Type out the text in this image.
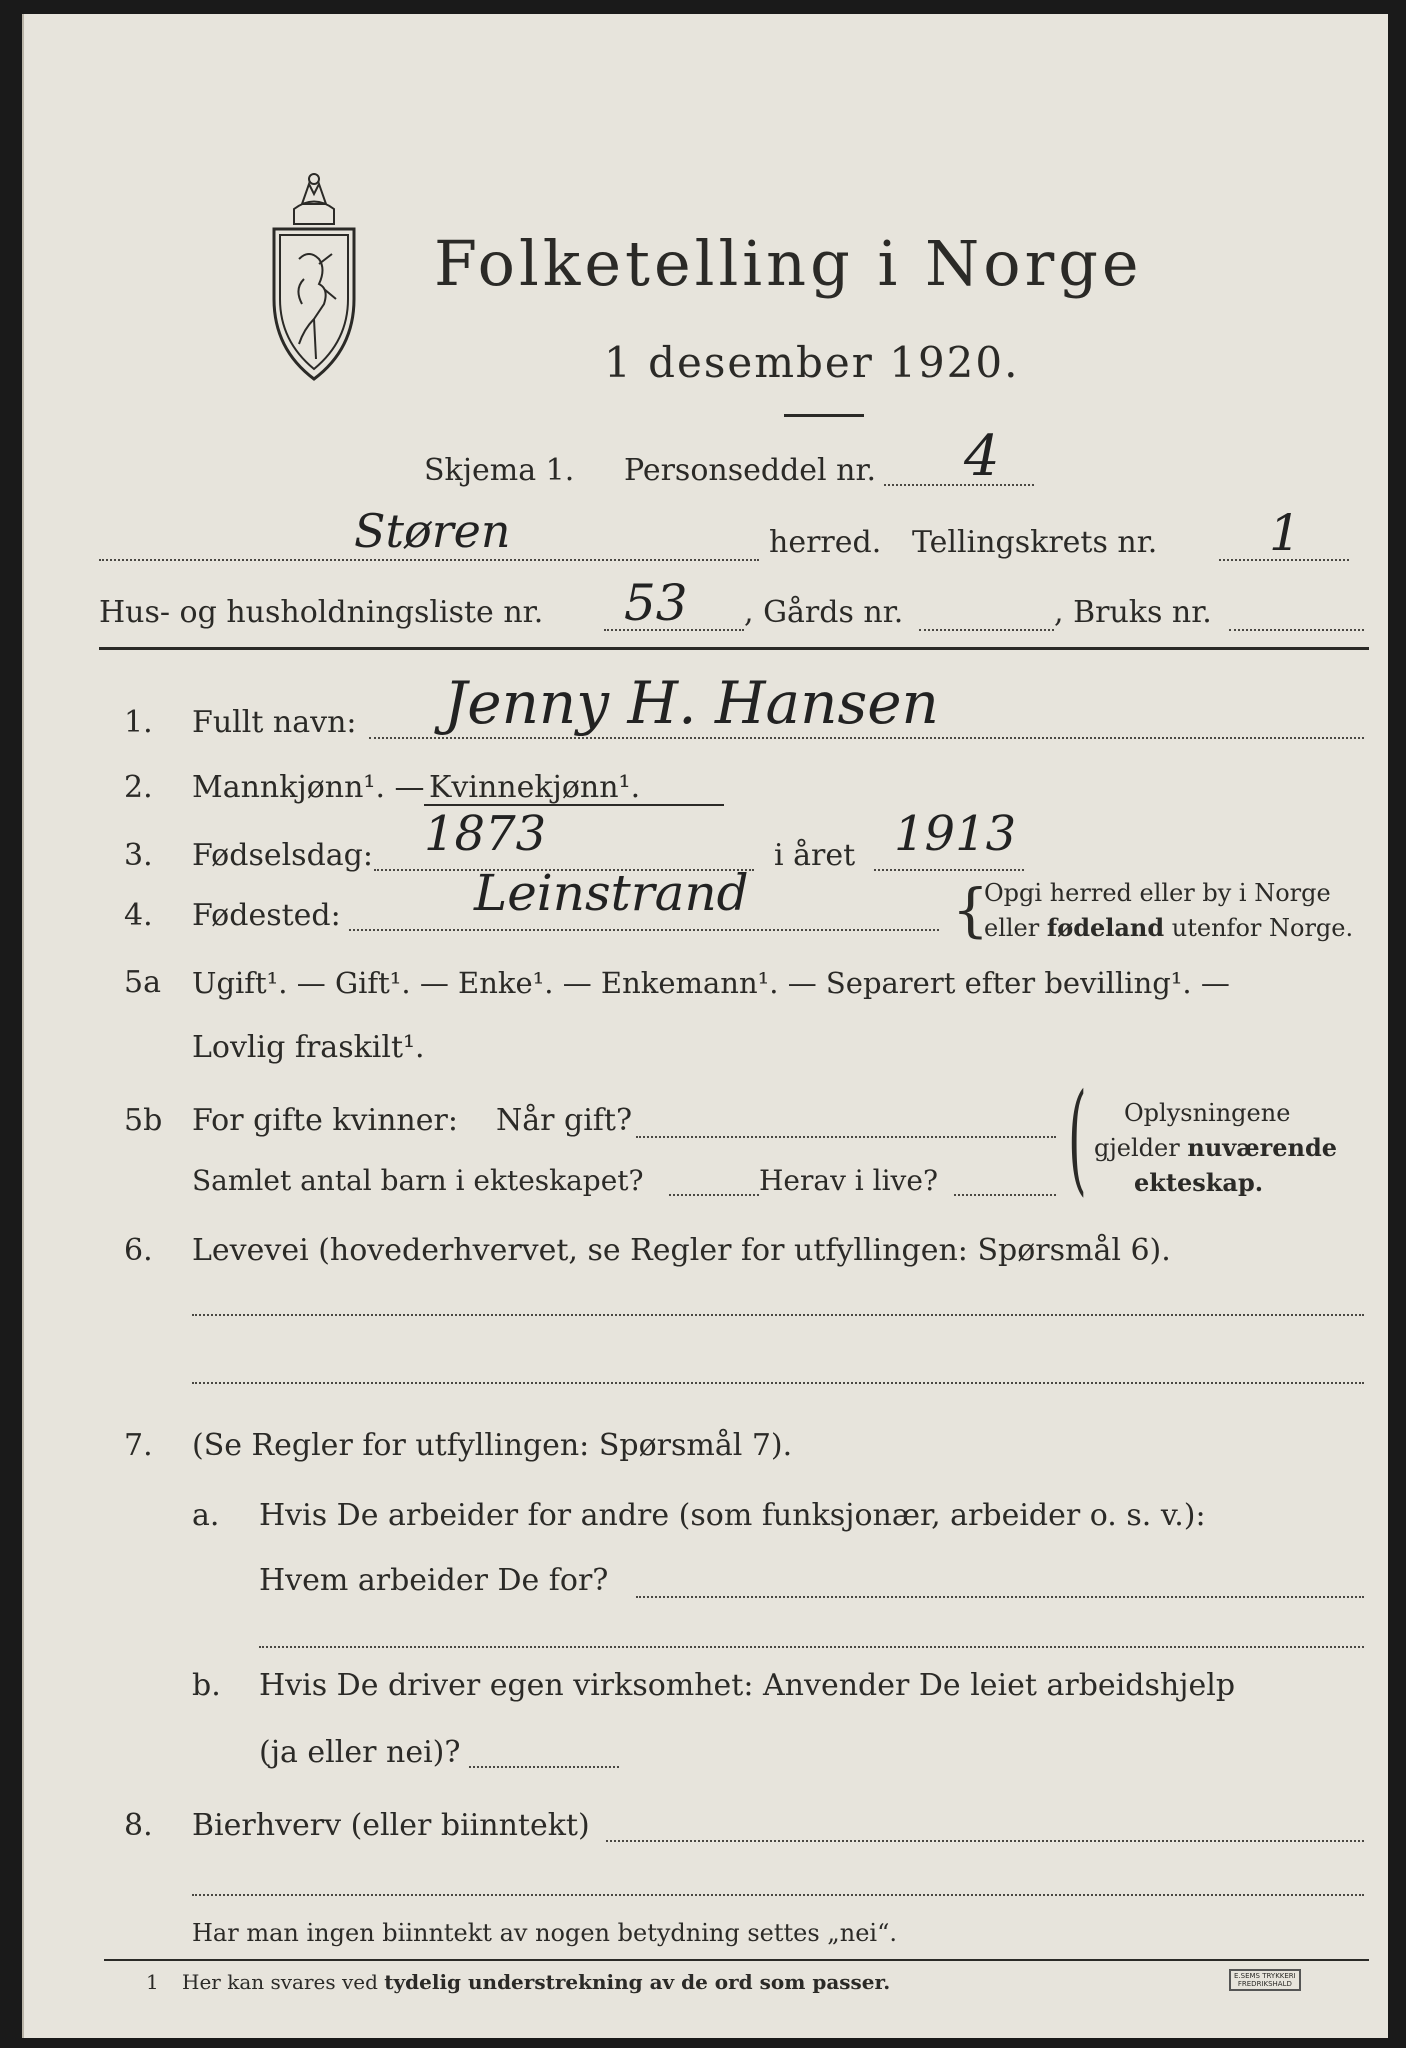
Folketelling i Norge
1 desember 1920.
Skjema 1. Personseddel nr. 4
Støren	herred. Tellingskrets nr. 1
Hus- og husholdningsliste nr. 53 , Gårds nr.	, Bruks nr.
1. Fullt navn: Jenny H. Hansen
2. Mannkjønn¹. — Kvinnekjønn¹.
3. Fødselsdag: 1873	i året 1913
4. Fødested:	Leinstrand	{
Opgi herred eller by i Norge
eller fødeland utenfor Norge.
5a Ugift¹. — Gift¹. — Enke¹. — Enkemann¹. — Separert efter bevilling¹. —
Lovlig fraskilt¹.
5b For gifte kvinner: Når gift?
Samlet antal barn i ekteskapet?	Herav i live? ( Oplysningene
gjelder nuværende
ekteskap.
6. Levevei (hovederhvervet, se Regler for utfyllingen: Spørsmål 6).
7. (Se Regler for utfyllingen: Spørsmål 7).
a. Hvis De arbeider for andre (som funksjonær, arbeider o. s. v.):
Hvem arbeider De for?
b. Hvis De driver egen virksomhet: Anvender De leiet arbeidshjelp
(ja eller nei)?
8. Bierhverv (eller biinntekt)
Har man ingen biinntekt av nogen betydning settes „nei“.
1 Her kan svares ved tydelig understrekning av de ord som passer.	E.SEMS TRYKKERI
FREDRIKSHALD
